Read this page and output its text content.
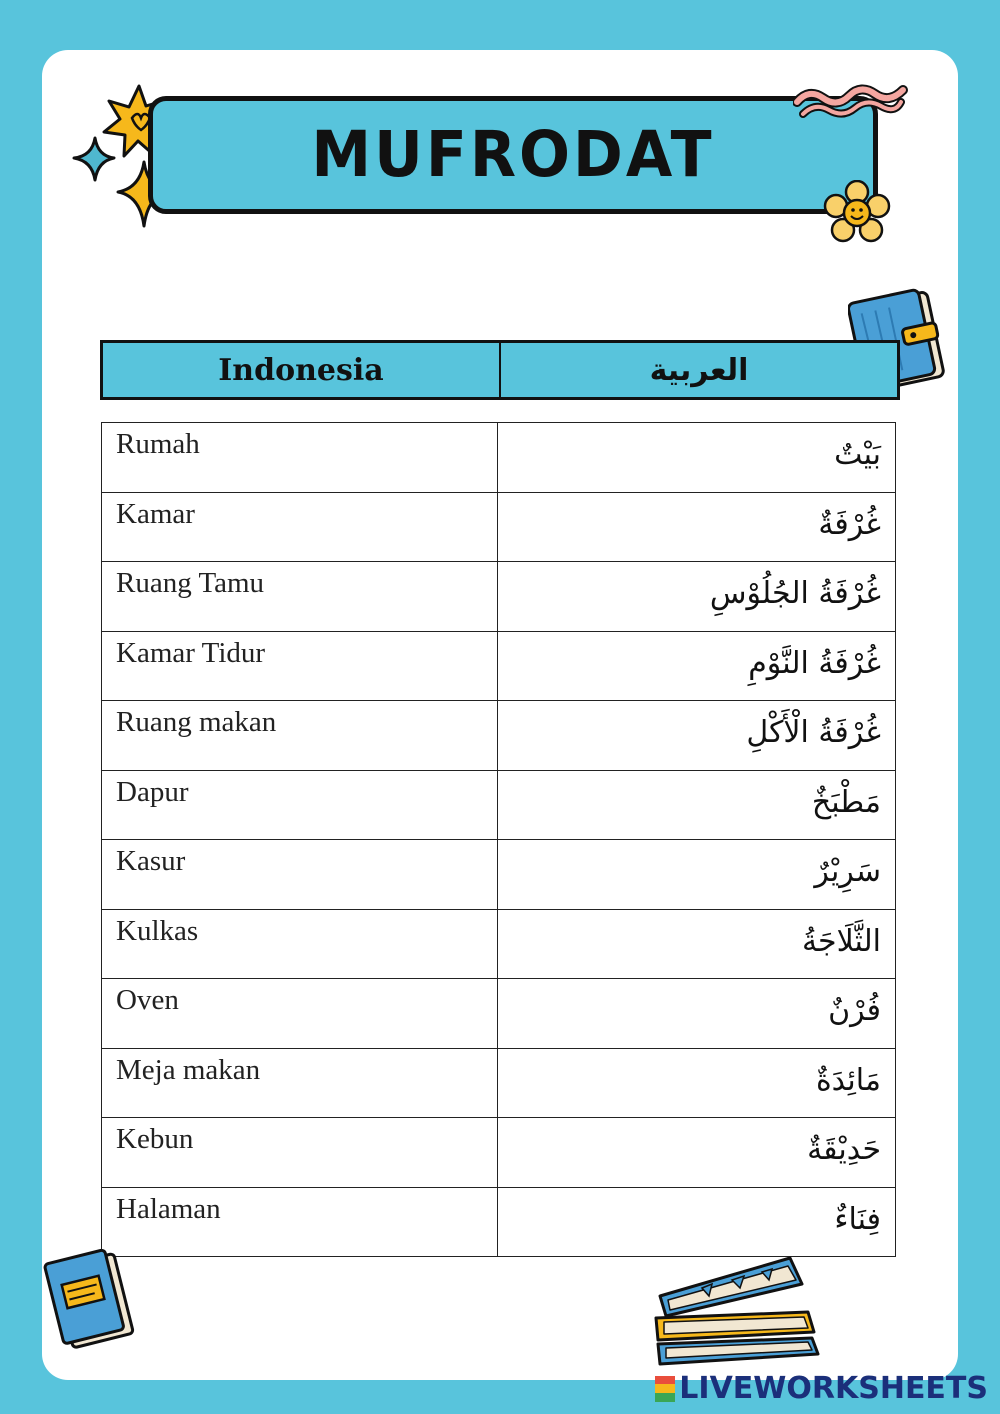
MUFRODAT
Indonesia	العربية
Rumah	بَيْتٌ
Kamar	غُرْفَةٌ
Ruang Tamu	غُرْفَةُ الجُلُوْسِ
Kamar Tidur	غُرْفَةُ النَّوْمِ
Ruang makan	غُرْفَةُ الْأَكْلِ
Dapur	مَطْبَخٌ
Kasur	سَرِيْرٌ
Kulkas	الثَّلَاجَةُ
Oven	فُرْنٌ
Meja makan	مَائِدَةٌ
Kebun	حَدِيْقَةٌ
Halaman	فِنَاءٌ
LIVEWORKSHEETS
